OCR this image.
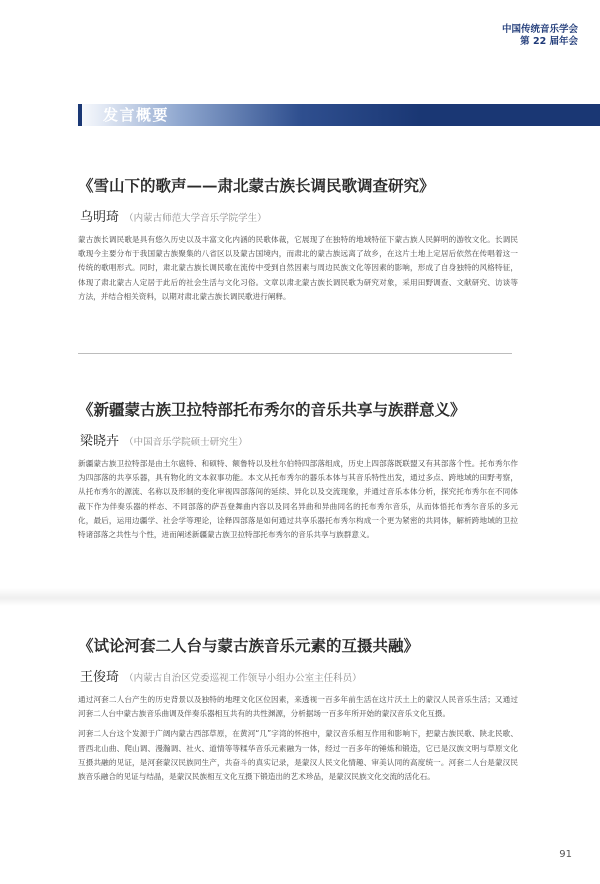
中国传统音乐学会
第 22 届年会
发言概要
《雪山下的歌声——肃北蒙古族长调民歌调查研究》
乌明琦 （内蒙古师范大学音乐学院学生）

蒙古族长调民歌是具有悠久历史以及丰富文化内涵的民歌体裁，它展现了在独特的地域特征下蒙古族人民鲜明的游牧文化。长调民歌现今主要分布于我国蒙古族聚集的八省区以及蒙古国境内，而肃北的蒙古族远离了故乡，在这片土地上定居后依然在传唱着这一传统的歌唱形式。同时，肃北蒙古族长调民歌在流传中受到自然因素与周边民族文化等因素的影响，形成了自身独特的风格特征，体现了肃北蒙古人定居于此后的社会生活与文化习俗。文章以肃北蒙古族长调民歌为研究对象，采用田野调查、文献研究、访谈等方法，并结合相关资料，以期对肃北蒙古族长调民歌进行阐释。

《新疆蒙古族卫拉特部托布秀尔的音乐共享与族群意义》
梁晓卉 （中国音乐学院硕士研究生）

新疆蒙古族卫拉特部是由土尔扈特、和硕特、额鲁特以及杜尔伯特四部落组成，历史上四部落既联盟又有其部落个性。托布秀尔作为四部落的共享乐器，具有物化的文本叙事功能。本文从托布秀尔的器乐本体与其音乐特性出发，通过多点、跨地域的田野考察，从托布秀尔的源流、名称以及形制的变化审视四部落间的延续、异化以及交流现象，并通过音乐本体分析，探究托布秀尔在不同体裁下作为伴奏乐器的样态、不同部落的萨吾登舞曲内容以及同名异曲和异曲同名的托布秀尔音乐，从而体悟托布秀尔音乐的多元化，最后，运用边疆学、社会学等理论，诠释四部落是如何通过共享乐器托布秀尔构成一个更为紧密的共同体，解析跨地域的卫拉特诸部落之共性与个性，进而阐述新疆蒙古族卫拉特部托布秀尔的音乐共享与族群意义。

《试论河套二人台与蒙古族音乐元素的互摄共融》
王俊琦 （内蒙古自治区党委巡视工作领导小组办公室主任科员）

通过河套二人台产生的历史背景以及独特的地理文化区位因素，来透视一百多年前生活在这片沃土上的蒙汉人民音乐生活；又通过河套二人台中蒙古族音乐曲调及伴奏乐器相互共有的共性渊源，分析据场一百多年所开始的蒙汉音乐文化互摄。

河套二人台这个发源于广阔内蒙古西部草原，在黄河“几”字湾的怀抱中，蒙汉音乐相互作用和影响下，把蒙古族民歌、陕北民歌、晋西北山曲、爬山调、漫瀚调、社火、道情等等糅华音乐元素融为一体，经过一百多年的锤炼和锻造，它已是汉族文明与草原文化互摄共融的见证，是河套蒙汉民族同生产，共奋斗的真实记录，是蒙汉人民文化情趣、审美认同的高度统一。河套二人台是蒙汉民族音乐融合的见证与结晶，是蒙汉民族相互文化互摄下锻造出的艺术珍品，是蒙汉民族文化交流的活化石。

91
